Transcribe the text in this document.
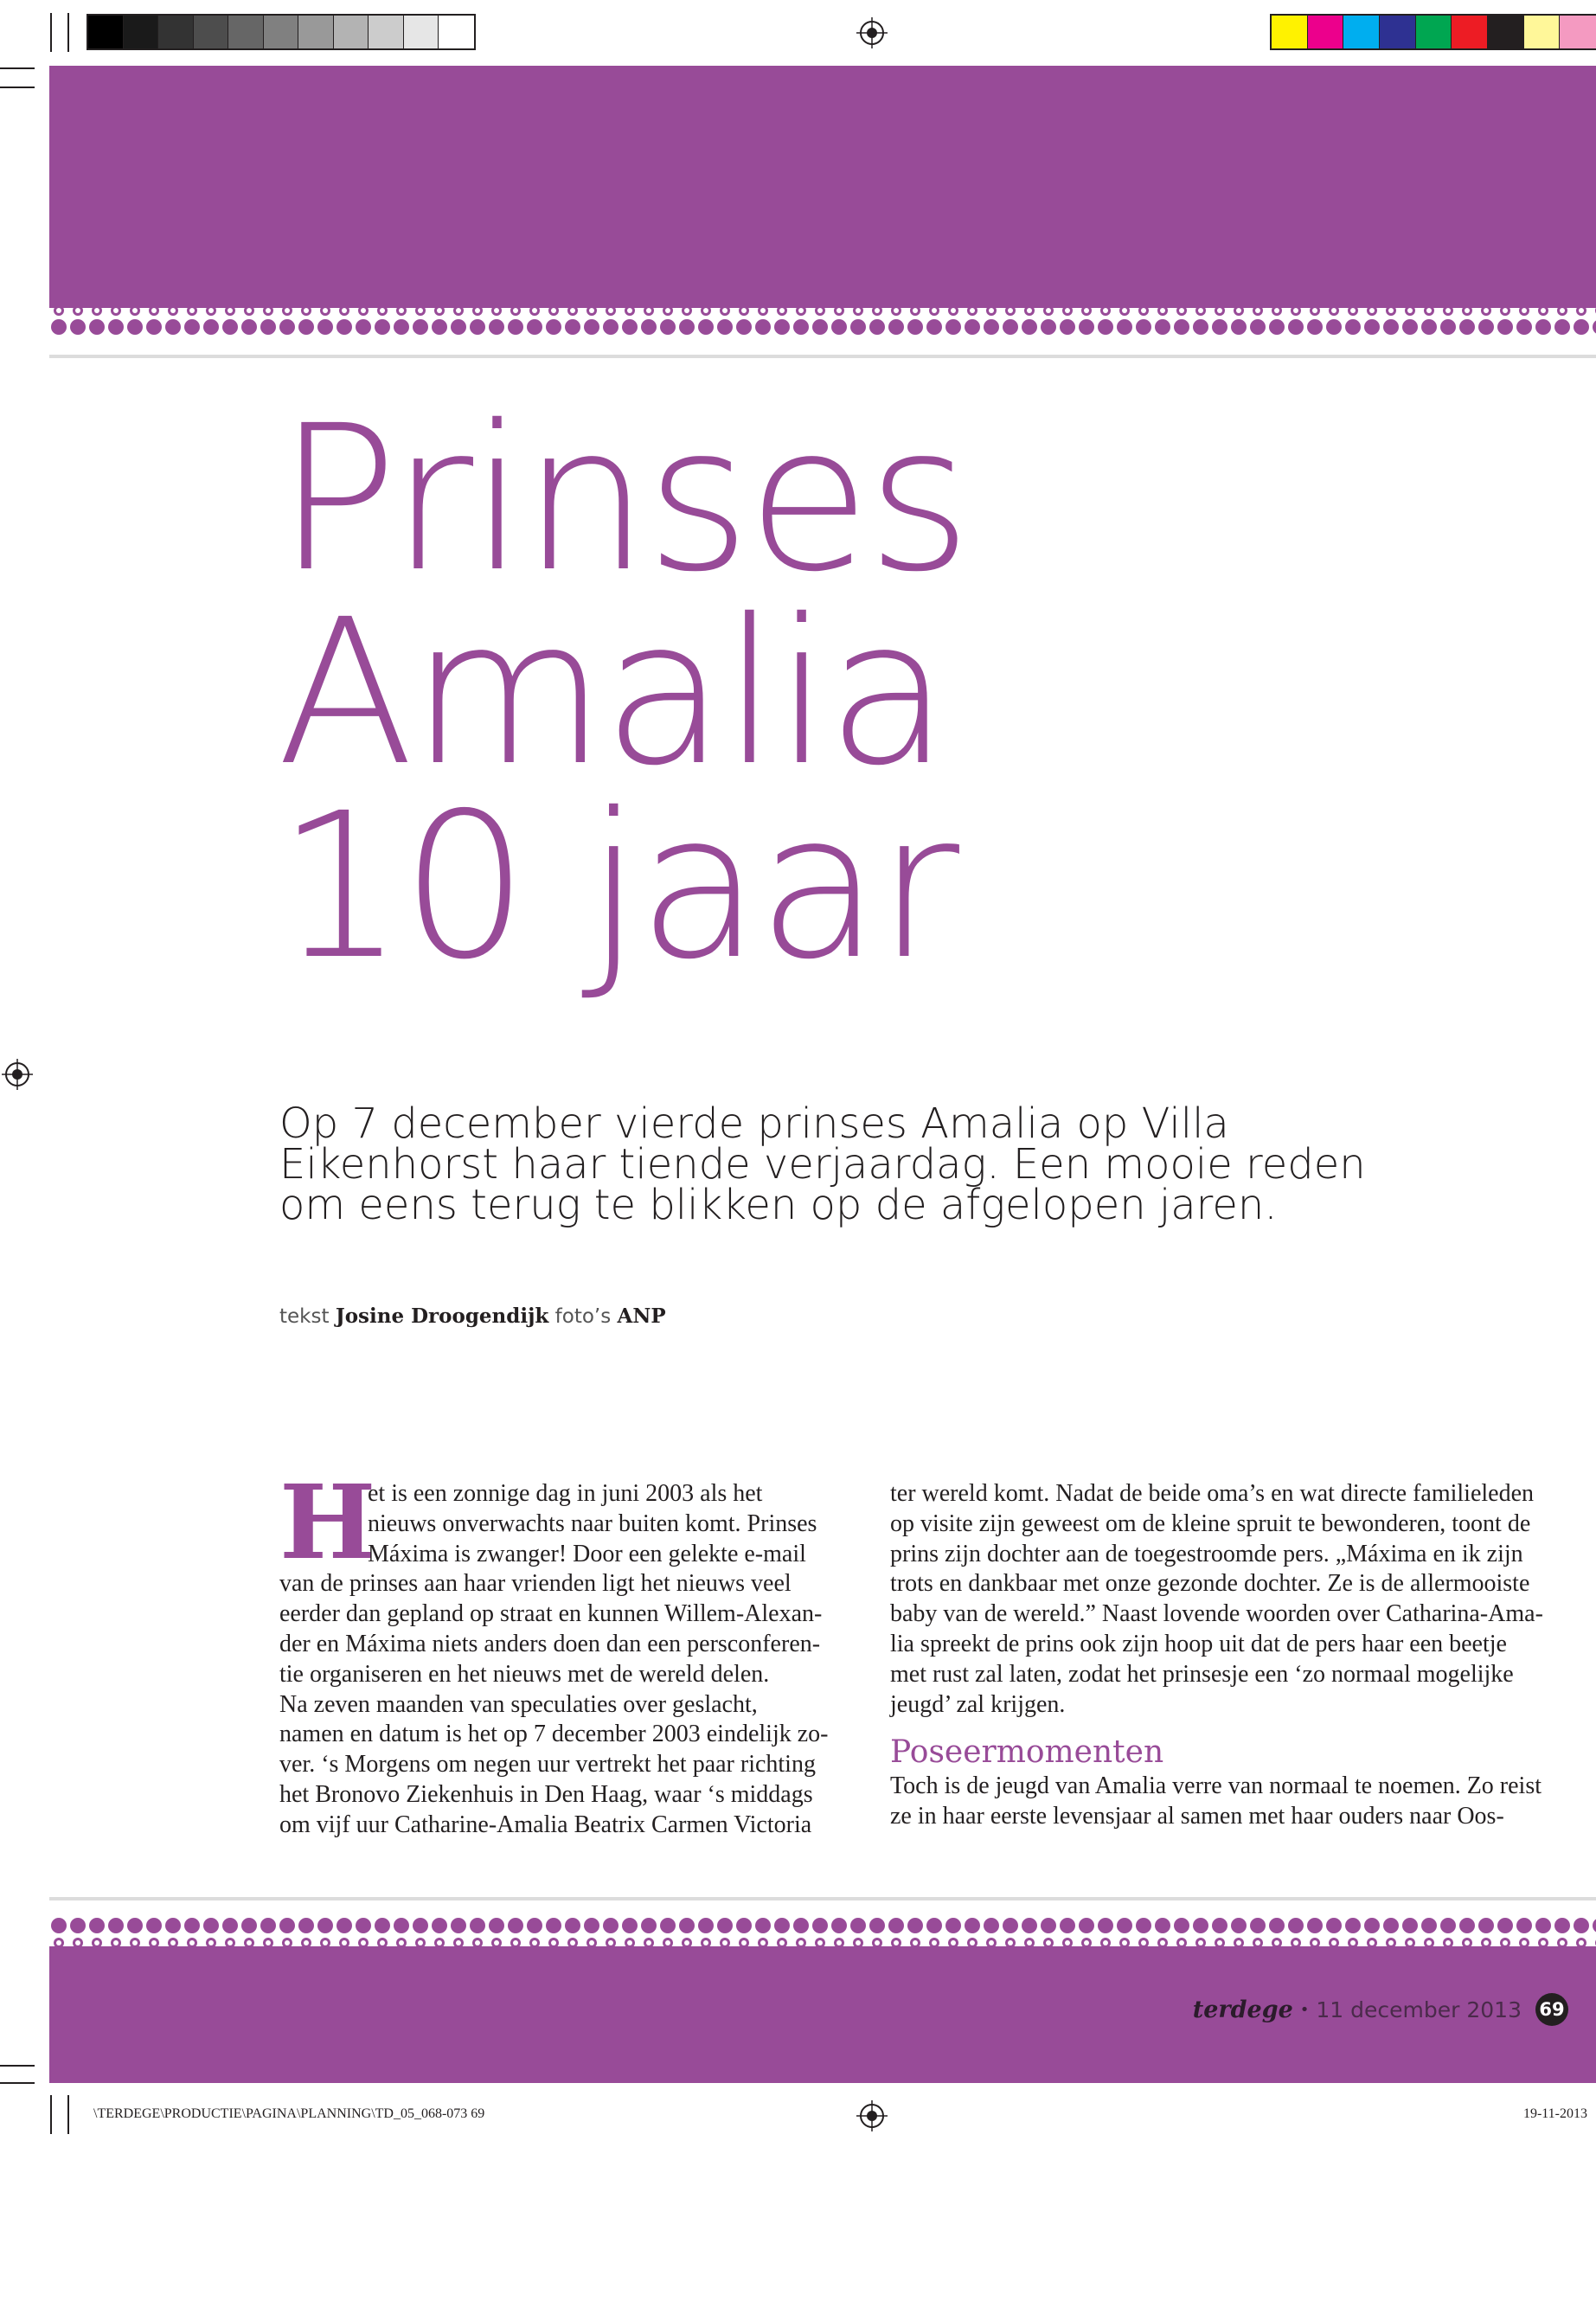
Prinses
Amalia
10 jaar

Op 7 december vierde prinses Amalia op Villa
Eikenhorst haar tiende verjaardag. Een mooie reden
om eens terug te blikken op de afgelopen jaren.

tekst Josine Droogendijk foto’s ANP
H
et is een zonnige dag in juni 2003 als het
nieuws onverwachts naar buiten komt. Prinses
Máxima is zwanger! Door een gelekte e-mail
van de prinses aan haar vrienden ligt het nieuws veel
eerder dan gepland op straat en kunnen Willem-Alexan-
der en Máxima niets anders doen dan een persconferen-
tie organiseren en het nieuws met de wereld delen.
Na zeven maanden van speculaties over geslacht,
namen en datum is het op 7 december 2003 eindelijk zo-
ver. ‘s Morgens om negen uur vertrekt het paar richting
het Bronovo Ziekenhuis in Den Haag, waar ‘s middags
om vijf uur Catharine-Amalia Beatrix Carmen Victoria
ter wereld komt. Nadat de beide oma’s en wat directe familieleden
op visite zijn geweest om de kleine spruit te bewonderen, toont de
prins zijn dochter aan de toegestroomde pers. „Máxima en ik zijn
trots en dankbaar met onze gezonde dochter. Ze is de allermooiste
baby van de wereld.” Naast lovende woorden over Catharina-Ama-
lia spreekt de prins ook zijn hoop uit dat de pers haar een beetje
met rust zal laten, zodat het prinsesje een ‘zo normaal mogelijke
jeugd’ zal krijgen.
Poseermomenten
Toch is de jeugd van Amalia verre van normaal te noemen. Zo reist
ze in haar eerste levensjaar al samen met haar ouders naar Oos-
terdege • 11 december 2013 69
\TERDEGE\PRODUCTIE\PAGINA\PLANNING\TD_05_068-073 69	19-11-2013
